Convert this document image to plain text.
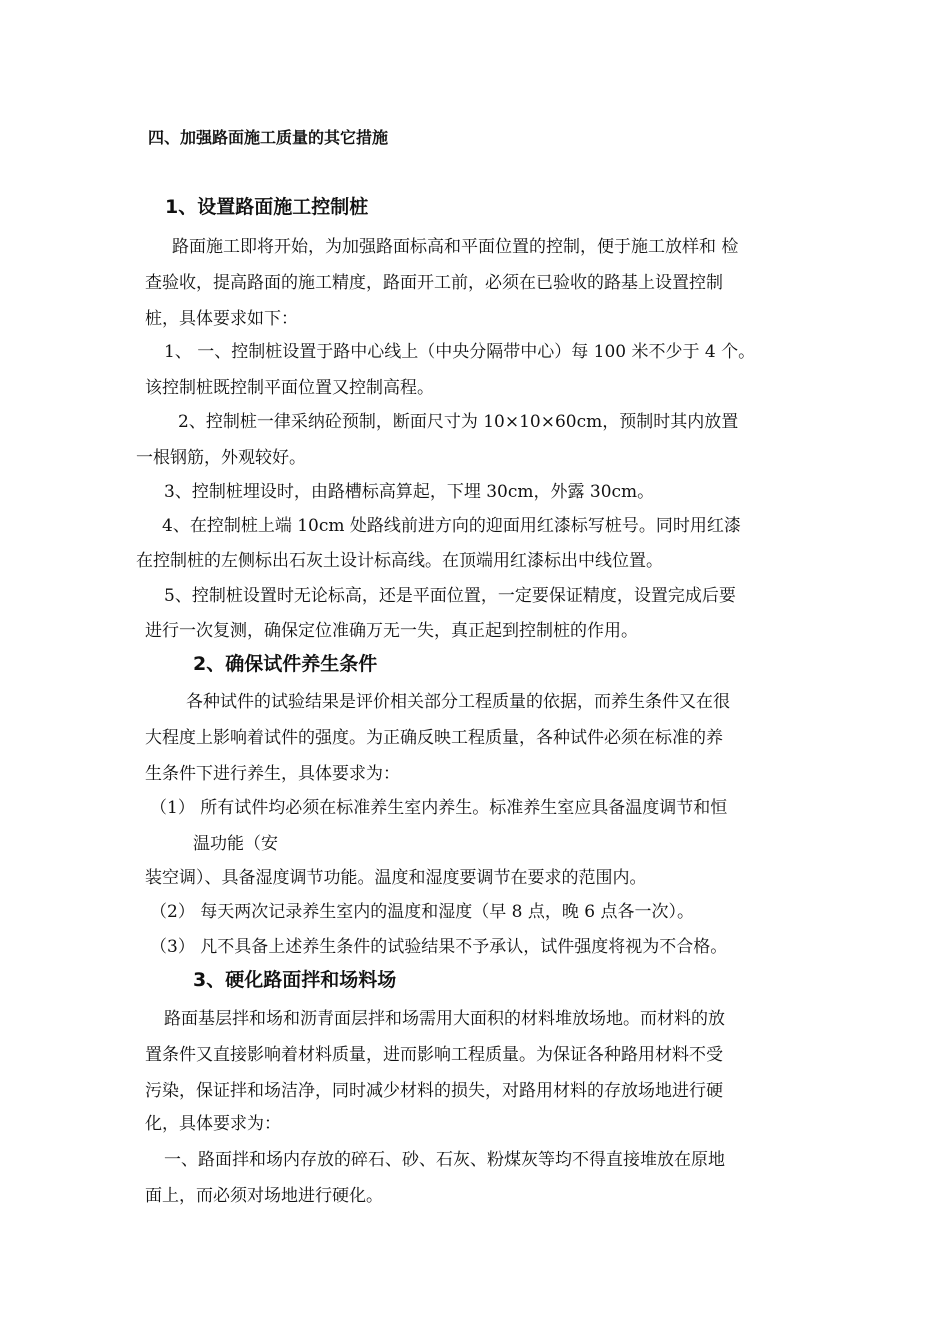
四、加强路面施工质量的其它措施
1、设置路面施工控制桩
路面施工即将开始，为加强路面标高和平面位置的控制，便于施工放样和 检
查验收，提高路面的施工精度，路面开工前，必须在已验收的路基上设置控制
桩，具体要求如下：
1、 一、控制桩设置于路中心线上（中央分隔带中心）每 100 米不少于 4 个。
该控制桩既控制平面位置又控制高程。
2、控制桩一律采纳砼预制，断面尺寸为 10×10×60cm，预制时其内放置
一根钢筋，外观较好。
3、控制桩埋设时，由路槽标高算起，下埋 30cm，外露 30cm。
4、在控制桩上端 10cm 处路线前进方向的迎面用红漆标写桩号。同时用红漆
在控制桩的左侧标出石灰土设计标高线。在顶端用红漆标出中线位置。
5、控制桩设置时无论标高，还是平面位置，一定要保证精度，设置完成后要
进行一次复测，确保定位准确万无一失，真正起到控制桩的作用。
2、确保试件养生条件
各种试件的试验结果是评价相关部分工程质量的依据，而养生条件又在很
大程度上影响着试件的强度。为正确反映工程质量，各种试件必须在标准的养
生条件下进行养生，具体要求为：
（1） 所有试件均必须在标准养生室内养生。标准养生室应具备温度调节和恒
温功能（安
装空调）、具备湿度调节功能。温度和湿度要调节在要求的范围内。
（2） 每天两次记录养生室内的温度和湿度（早 8 点，晚 6 点各一次）。
（3） 凡不具备上述养生条件的试验结果不予承认，试件强度将视为不合格。
3、硬化路面拌和场料场
路面基层拌和场和沥青面层拌和场需用大面积的材料堆放场地。而材料的放
置条件又直接影响着材料质量，进而影响工程质量。为保证各种路用材料不受
污染，保证拌和场洁净，同时减少材料的损失，对路用材料的存放场地进行硬
化，具体要求为：
一、路面拌和场内存放的碎石、砂、石灰、粉煤灰等均不得直接堆放在原地
面上，而必须对场地进行硬化。
